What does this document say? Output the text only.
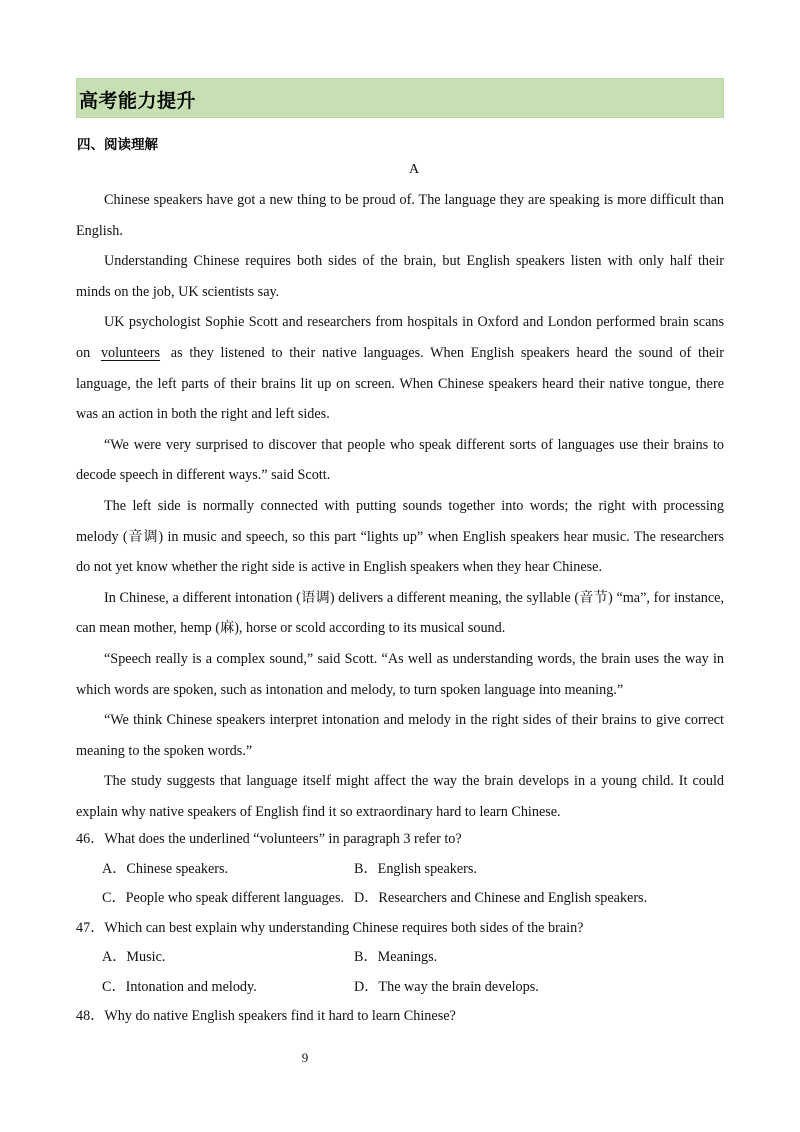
高考能力提升
四、阅读理解
A

Chinese speakers have got a new thing to be proud of. The language they are speaking is more difficult than English.

Understanding Chinese requires both sides of the brain, but English speakers listen with only half their minds on the job, UK scientists say.

UK psychologist Sophie Scott and researchers from hospitals in Oxford and London performed brain scans on volunteers as they listened to their native languages. When English speakers heard the sound of their language, the left parts of their brains lit up on screen. When Chinese speakers heard their native tongue, there was an action in both the right and left sides.

“We were very surprised to discover that people who speak different sorts of languages use their brains to decode speech in different ways.” said Scott.

The left side is normally connected with putting sounds together into words; the right with processing melody (音调) in music and speech, so this part “lights up” when English speakers hear music. The researchers do not yet know whether the right side is active in English speakers when they hear Chinese.

In Chinese, a different intonation (语调) delivers a different meaning, the syllable (音节) “ma”, for instance, can mean mother, hemp (麻), horse or scold according to its musical sound.

“Speech really is a complex sound,” said Scott. “As well as understanding words, the brain uses the way in which words are spoken, such as intonation and melody, to turn spoken language into meaning.”

“We think Chinese speakers interpret intonation and melody in the right sides of their brains to give correct meaning to the spoken words.”

The study suggests that language itself might affect the way the brain develops in a young child. It could explain why native speakers of English find it so extraordinary hard to learn Chinese.

46．What does the underlined “volunteers” in paragraph 3 refer to?

A．Chinese speakers.	B．English speakers.
C．People who speak different languages. D．Researchers and Chinese and English speakers.

47．Which can best explain why understanding Chinese requires both sides of the brain?

A．Music.	B．Meanings.
C．Intonation and melody.	D．The way the brain develops.

48．Why do native English speakers find it hard to learn Chinese?

9
